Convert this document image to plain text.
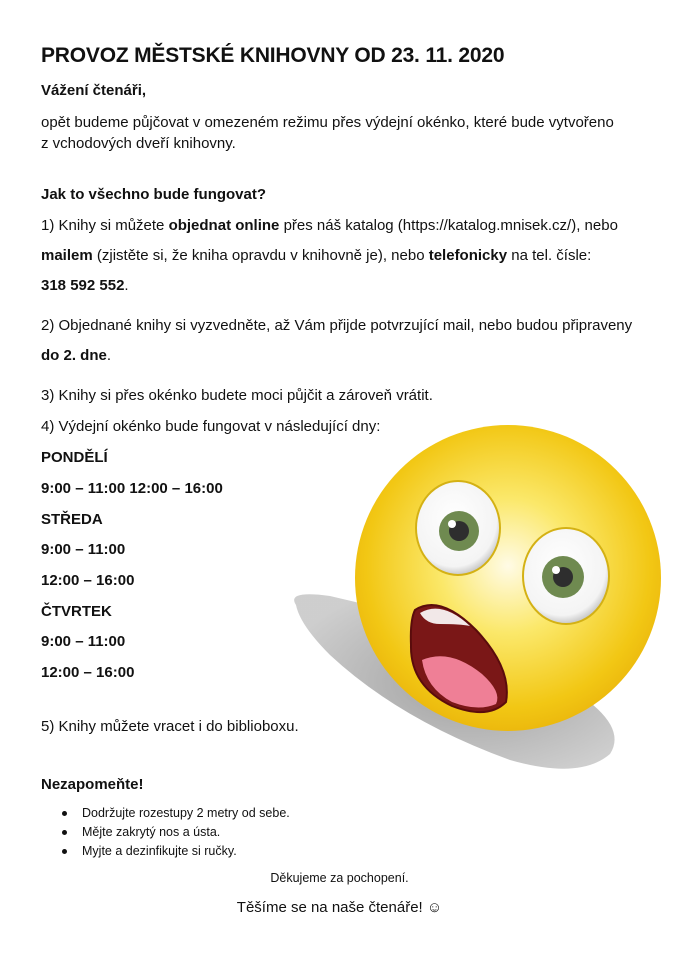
PROVOZ MĚSTSKÉ KNIHOVNY OD 23. 11. 2020

Vážení čtenáři,

opět budeme půjčovat v omezeném režimu přes výdejní okénko, které bude vytvořeno

z vchodových dveří knihovny.

Jak to všechno bude fungovat?

1) Knihy si můžete objednat online přes náš katalog (https://katalog.mnisek.cz/), nebo

mailem (zjistěte si, že kniha opravdu v knihovně je), nebo telefonicky na tel. čísle:

318 592 552.

2) Objednané knihy si vyzvedněte, až Vám přijde potvrzující mail, nebo budou připraveny

do 2. dne.

3) Knihy si přes okénko budete moci půjčit a zároveň vrátit.

4) Výdejní okénko bude fungovat v následující dny:

PONDĚLÍ

9:00 – 11:00 12:00 – 16:00

STŘEDA

9:00 – 11:00

12:00 – 16:00

ČTVRTEK

9:00 – 11:00

12:00 – 16:00

5) Knihy můžete vracet i do biblioboxu.

Nezapomeňte!

Dodržujte rozestupy 2 metry od sebe.
Mějte zakrytý nos a ústa.
Myjte a dezinfikujte si ručky.

Děkujeme za pochopení.

Těšíme se na naše čtenáře! ☺
